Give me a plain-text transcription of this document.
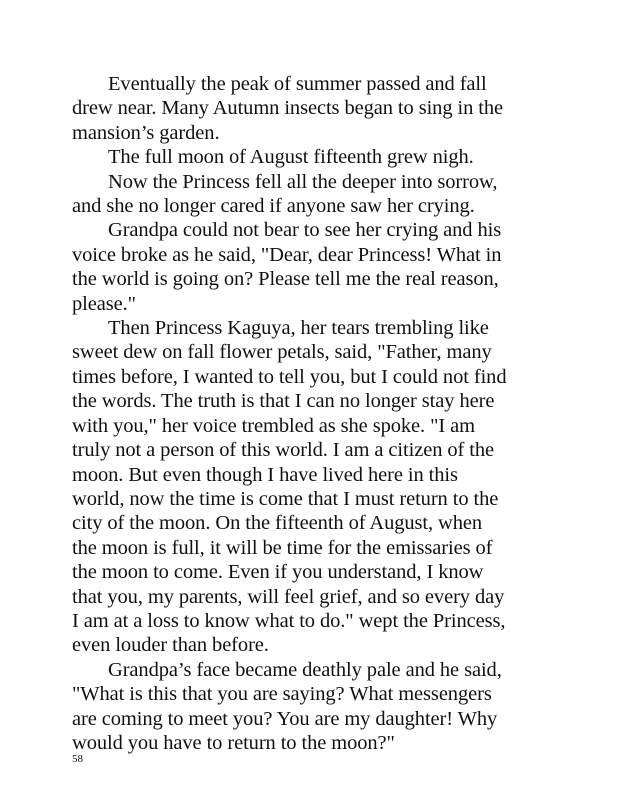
Eventually the peak of summer passed and fall
drew near. Many Autumn insects began to sing in the
mansion’s garden.
The full moon of August fifteenth grew nigh.
Now the Princess fell all the deeper into sorrow,
and she no longer cared if anyone saw her crying.
Grandpa could not bear to see her crying and his
voice broke as he said, "Dear, dear Princess! What in
the world is going on? Please tell me the real reason,
please."
Then Princess Kaguya, her tears trembling like
sweet dew on fall flower petals, said, "Father, many
times before, I wanted to tell you, but I could not find
the words. The truth is that I can no longer stay here
with you," her voice trembled as she spoke. "I am
truly not a person of this world. I am a citizen of the
moon. But even though I have lived here in this
world, now the time is come that I must return to the
city of the moon. On the fifteenth of August, when
the moon is full, it will be time for the emissaries of
the moon to come. Even if you understand, I know
that you, my parents, will feel grief, and so every day
I am at a loss to know what to do." wept the Princess,
even louder than before.
Grandpa’s face became deathly pale and he said,
"What is this that you are saying? What messengers
are coming to meet you? You are my daughter! Why
would you have to return to the moon?"
58
